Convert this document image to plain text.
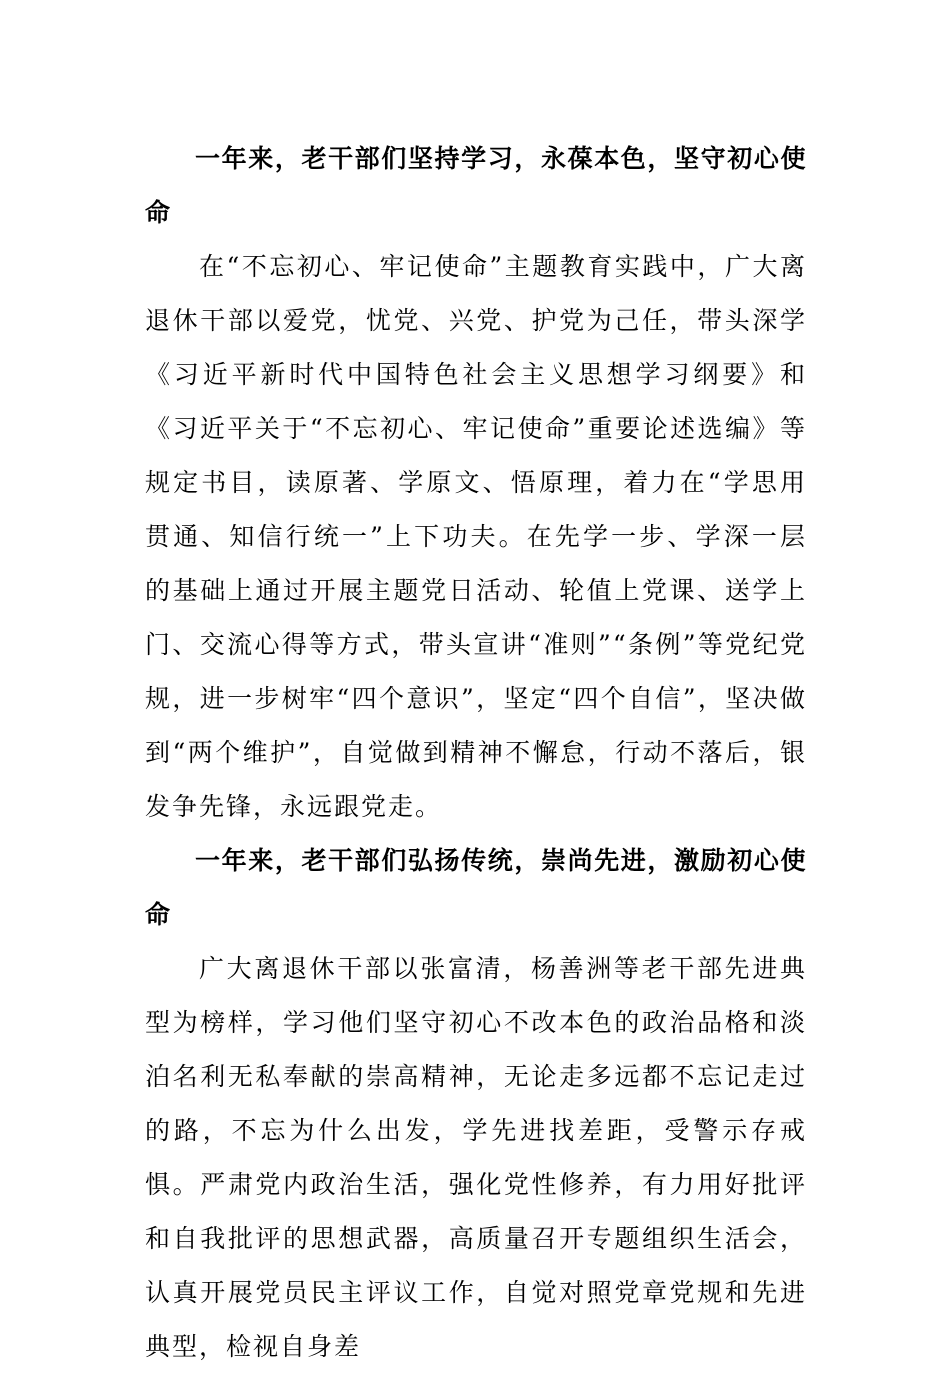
一年来，老干部们坚持学习，永葆本色，坚守初心使命

在“不忘初心、牢记使命”主题教育实践中，广大离退休干部以爱党，忧党、兴党、护党为己任，带头深学《习近平新时代中国特色社会主义思想学习纲要》和《习近平关于“不忘初心、牢记使命”重要论述选编》等规定书目，读原著、学原文、悟原理，着力在“学思用贯通、知信行统一”上下功夫。在先学一步、学深一层的基础上通过开展主题党日活动、轮值上党课、送学上门、交流心得等方式，带头宣讲“准则”“条例”等党纪党规，进一步树牢“四个意识”，坚定“四个自信”，坚决做到“两个维护”，自觉做到精神不懈怠，行动不落后，银发争先锋，永远跟党走。

一年来，老干部们弘扬传统，崇尚先进，激励初心使命

广大离退休干部以张富清，杨善洲等老干部先进典型为榜样，学习他们坚守初心不改本色的政治品格和淡泊名利无私奉献的崇高精神，无论走多远都不忘记走过的路，不忘为什么出发，学先进找差距，受警示存戒惧。严肃党内政治生活，强化党性修养，有力用好批评和自我批评的思想武器，高质量召开专题组织生活会，认真开展党员民主评议工作，自觉对照党章党规和先进典型，检视自身差
